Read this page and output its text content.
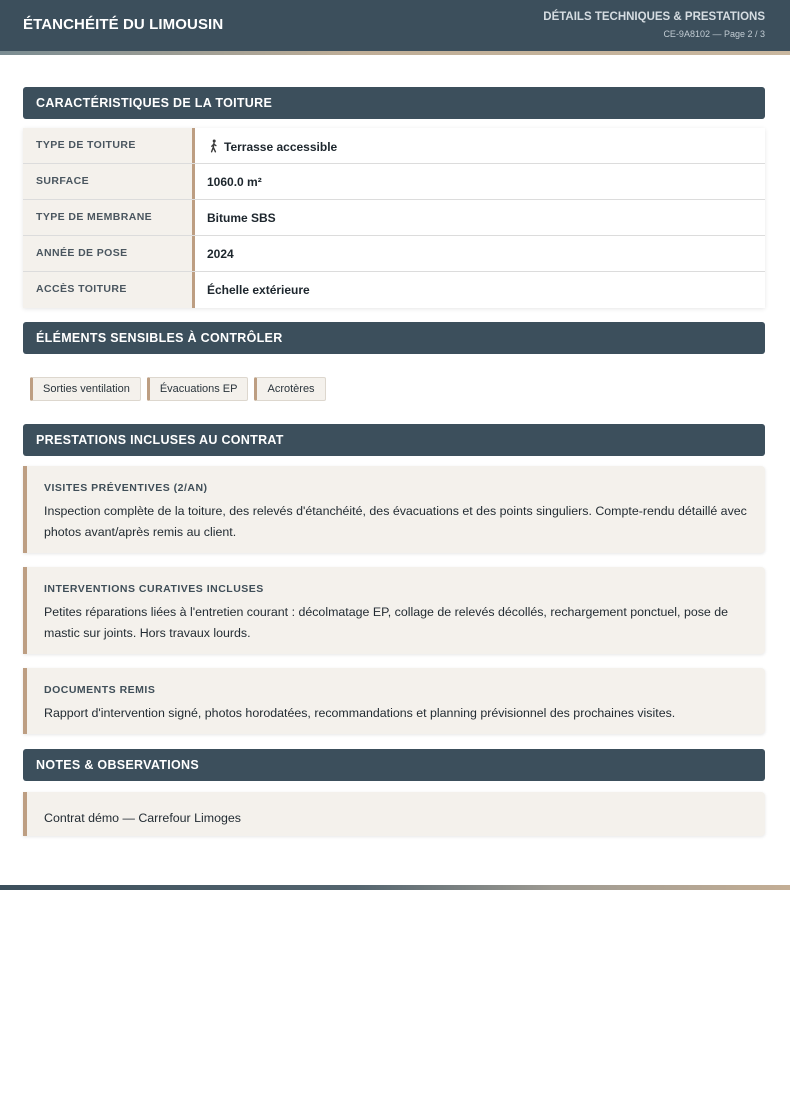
ÉTANCHÉITÉ DU LIMOUSIN	DÉTAILS TECHNIQUES & PRESTATIONS
CE-9A8102 — Page 2 / 3
CARACTÉRISTIQUES DE LA TOITURE
TYPE DE TOITURE	Terrasse accessible
SURFACE	1060.0 m²
TYPE DE MEMBRANE	Bitume SBS
ANNÉE DE POSE	2024
ACCÈS TOITURE	Échelle extérieure
ÉLÉMENTS SENSIBLES À CONTRÔLER
Sorties ventilation	Évacuations EP	Acrotères
PRESTATIONS INCLUSES AU CONTRAT
VISITES PRÉVENTIVES (2/AN)
Inspection complète de la toiture, des relevés d'étanchéité, des évacuations et des points singuliers. Compte-rendu détaillé avec photos avant/après remis au client.
INTERVENTIONS CURATIVES INCLUSES
Petites réparations liées à l'entretien courant : décolmatage EP, collage de relevés décollés, rechargement ponctuel, pose de mastic sur joints. Hors travaux lourds.
DOCUMENTS REMIS
Rapport d'intervention signé, photos horodatées, recommandations et planning prévisionnel des prochaines visites.
NOTES & OBSERVATIONS
Contrat démo — Carrefour Limoges
